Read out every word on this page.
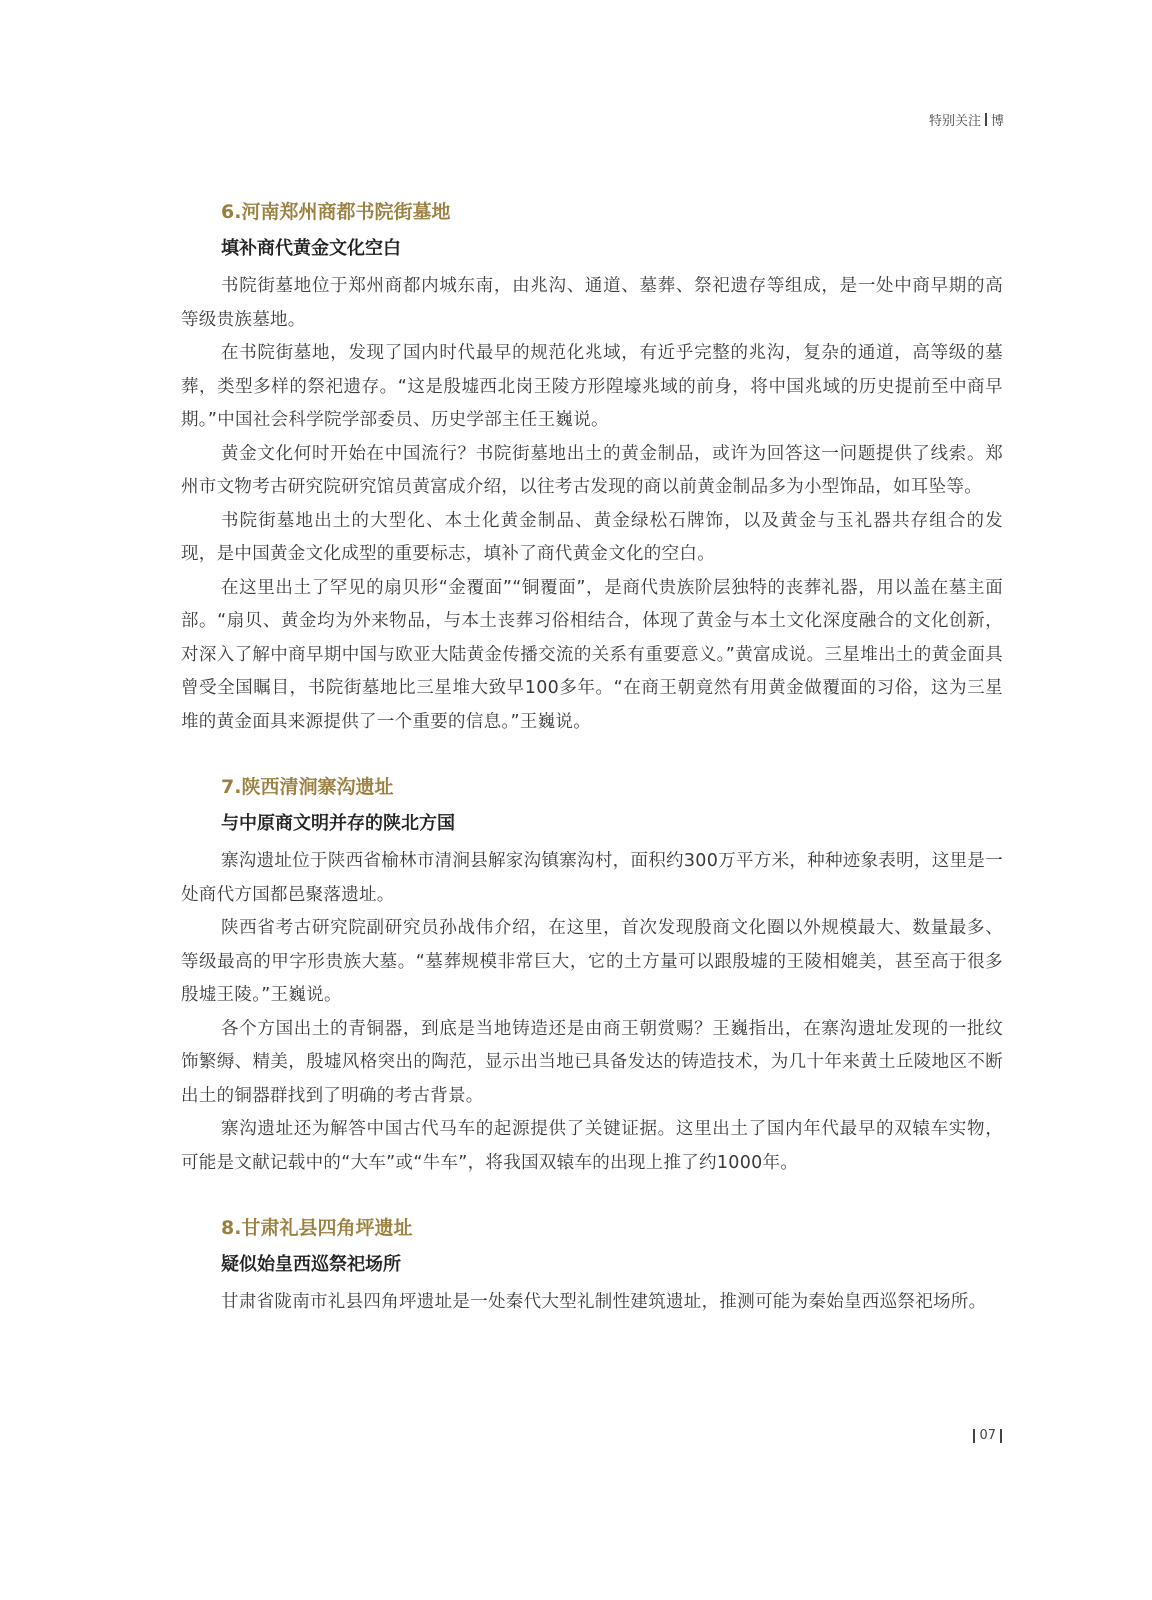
特别关注 博
6.河南郑州商都书院街墓地
填补商代黄金文化空白

书院街墓地位于郑州商都内城东南，由兆沟、通道、墓葬、祭祀遗存等组成，是一处中商早期的高等级贵族墓地。

在书院街墓地，发现了国内时代最早的规范化兆域，有近乎完整的兆沟，复杂的通道，高等级的墓葬，类型多样的祭祀遗存。“这是殷墟西北岗王陵方形隍壕兆域的前身，将中国兆域的历史提前至中商早期。”中国社会科学院学部委员、历史学部主任王巍说。

黄金文化何时开始在中国流行？书院街墓地出土的黄金制品，或许为回答这一问题提供了线索。郑州市文物考古研究院研究馆员黄富成介绍，以往考古发现的商以前黄金制品多为小型饰品，如耳坠等。

书院街墓地出土的大型化、本土化黄金制品、黄金绿松石牌饰，以及黄金与玉礼器共存组合的发现，是中国黄金文化成型的重要标志，填补了商代黄金文化的空白。

在这里出土了罕见的扇贝形“金覆面”“铜覆面”，是商代贵族阶层独特的丧葬礼器，用以盖在墓主面部。“扇贝、黄金均为外来物品，与本土丧葬习俗相结合，体现了黄金与本土文化深度融合的文化创新，对深入了解中商早期中国与欧亚大陆黄金传播交流的关系有重要意义。”黄富成说。三星堆出土的黄金面具曾受全国瞩目，书院街墓地比三星堆大致早100多年。“在商王朝竟然有用黄金做覆面的习俗，这为三星堆的黄金面具来源提供了一个重要的信息。”王巍说。

7.陕西清涧寨沟遗址
与中原商文明并存的陕北方国

寨沟遗址位于陕西省榆林市清涧县解家沟镇寨沟村，面积约300万平方米，种种迹象表明，这里是一处商代方国都邑聚落遗址。

陕西省考古研究院副研究员孙战伟介绍，在这里，首次发现殷商文化圈以外规模最大、数量最多、等级最高的甲字形贵族大墓。“墓葬规模非常巨大，它的土方量可以跟殷墟的王陵相媲美，甚至高于很多殷墟王陵。”王巍说。

各个方国出土的青铜器，到底是当地铸造还是由商王朝赏赐？王巍指出，在寨沟遗址发现的一批纹饰繁缛、精美，殷墟风格突出的陶范，显示出当地已具备发达的铸造技术，为几十年来黄土丘陵地区不断出土的铜器群找到了明确的考古背景。

寨沟遗址还为解答中国古代马车的起源提供了关键证据。这里出土了国内年代最早的双辕车实物，可能是文献记载中的“大车”或“牛车”，将我国双辕车的出现上推了约1000年。

8.甘肃礼县四角坪遗址
疑似始皇西巡祭祀场所

甘肃省陇南市礼县四角坪遗址是一处秦代大型礼制性建筑遗址，推测可能为秦始皇西巡祭祀场所。

07
